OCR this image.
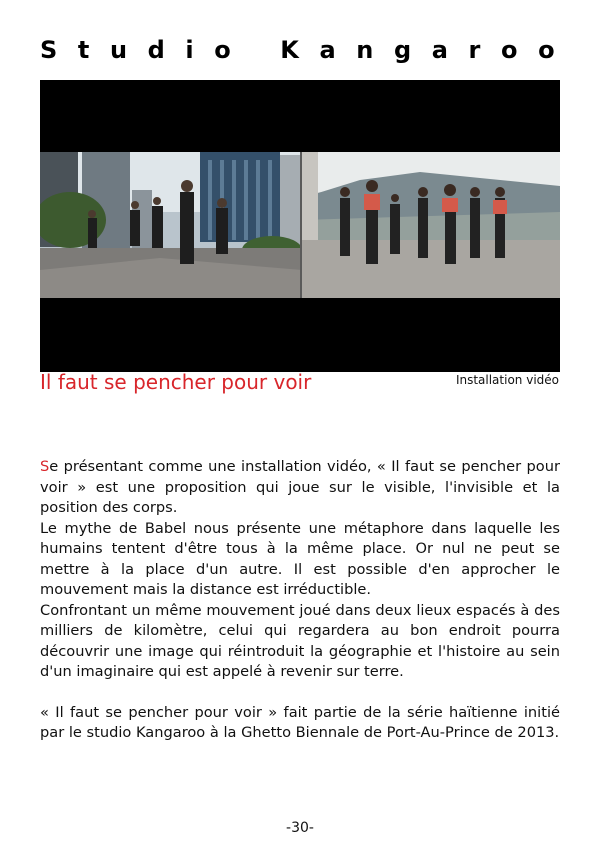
Studio Kangaroo
Il faut se pencher pour voir	Installation vidéo

Se présentant comme une installation vidéo, « Il faut se pencher pour voir » est une proposition qui joue sur le visible, l'invisible et la position des corps.

Le mythe de Babel nous présente une métaphore dans laquelle les humains tentent d'être tous à la même place. Or nul ne peut se mettre à la place d'un autre. Il est possible d'en approcher le mouvement mais la distance est irréductible.

Confrontant un même mouvement joué dans deux lieux espacés à des milliers de kilomètre, celui qui regardera au bon endroit pourra découvrir une image qui réintroduit la géographie et l'histoire au sein d'un imaginaire qui est appelé à revenir sur terre.

« Il faut se pencher pour voir » fait partie de la série haïtienne initié par le studio Kangaroo à la Ghetto Biennale de Port-Au-Prince de 2013.

-30-
